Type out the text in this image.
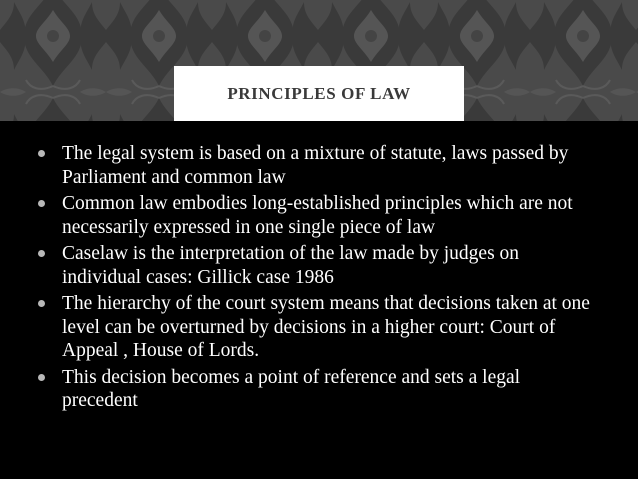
PRINCIPLES OF LAW
The legal system is based on a mixture of statute, laws passed by Parliament and common law
Common law embodies long-established principles which are not necessarily expressed in one single piece of law
Caselaw is the interpretation of the law made by judges on individual cases: Gillick case 1986
The hierarchy of the court system means that decisions taken at one level can be overturned by decisions in a higher court: Court of Appeal , House of Lords.
This decision becomes a point of reference and sets a legal precedent
